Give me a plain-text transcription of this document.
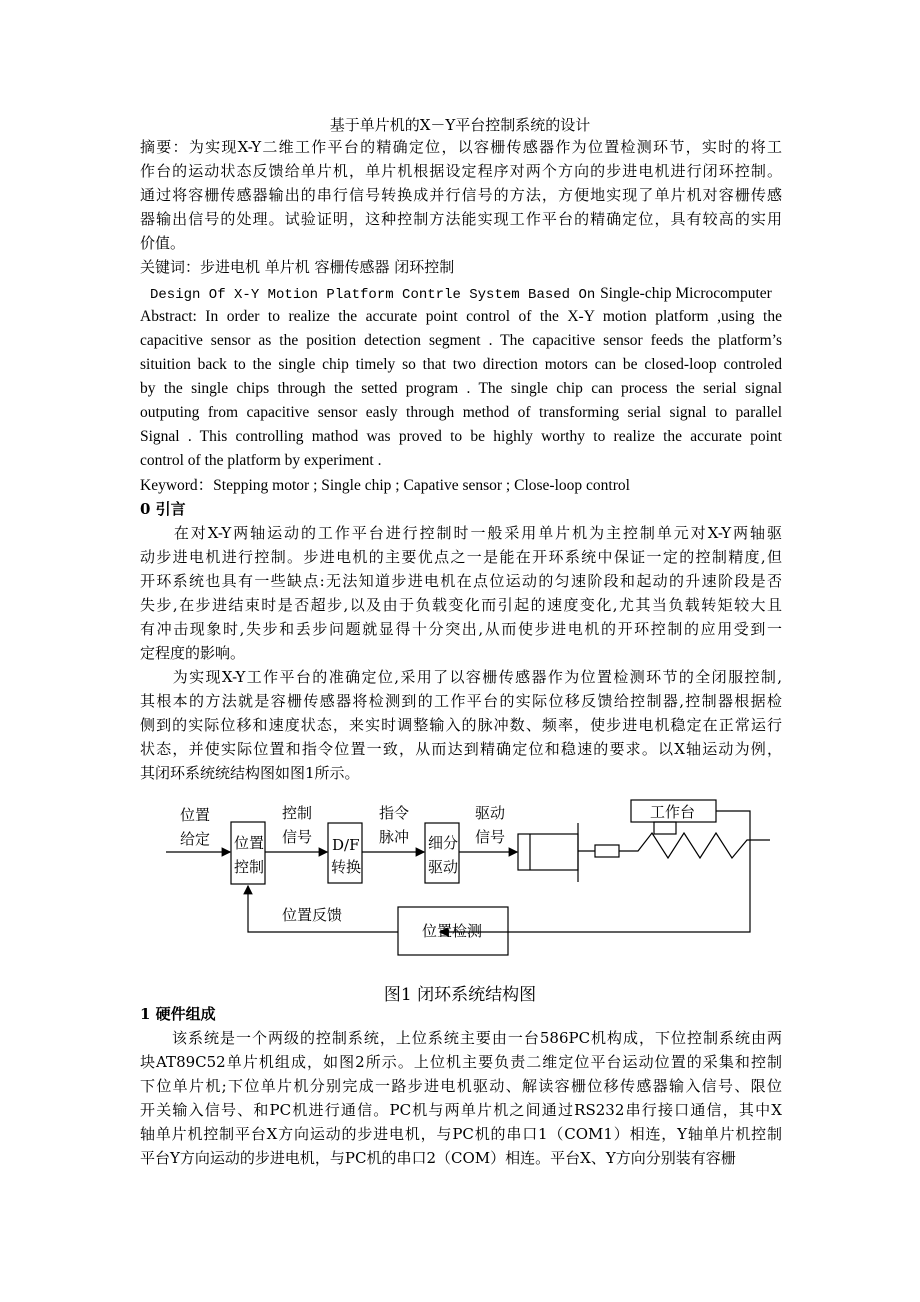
基于单片机的X－Y平台控制系统的设计
摘要：为实现X-Y二维工作平台的精确定位，以容栅传感器作为位置检测环节，实时的将工
作台的运动状态反馈给单片机，单片机根据设定程序对两个方向的步进电机进行闭环控制。
通过将容栅传感器输出的串行信号转换成并行信号的方法，方便地实现了单片机对容栅传感
器输出信号的处理。试验证明，这种控制方法能实现工作平台的精确定位，具有较高的实用
价值。
关键词：步进电机 单片机 容栅传感器 闭环控制
Design Of X-Y Motion Platform Contrle System Based On Single-chip Microcomputer
Abstract: In order to realize the accurate point control of the X-Y motion platform ,using the
capacitive sensor as the position detection segment . The capacitive sensor feeds the platform’s
situition back to the single chip timely so that two direction motors can be closed-loop controled
by the single chips through the setted program . The single chip can process the serial signal
outputing from capacitive sensor easly through method of transforming serial signal to parallel
Signal . This controlling mathod was proved to be highly worthy to realize the accurate point
control of the platform by experiment .
Keyword：Stepping motor ; Single chip ; Capative sensor ; Close-loop control
0 引言
　　在对X-Y两轴运动的工作平台进行控制时一般采用单片机为主控制单元对X-Y两轴驱
动步进电机进行控制。步进电机的主要优点之一是能在开环系统中保证一定的控制精度,但
开环系统也具有一些缺点:无法知道步进电机在点位运动的匀速阶段和起动的升速阶段是否
失步,在步进结束时是否超步,以及由于负载变化而引起的速度变化,尤其当负载转矩较大且
有冲击现象时,失步和丢步问题就显得十分突出,从而使步进电机的开环控制的应用受到一
定程度的影响。
　　为实现X-Y工作平台的准确定位,采用了以容栅传感器作为位置检测环节的全闭服控制,
其根本的方法就是容栅传感器将检测到的工作平台的实际位移反馈给控制器,控制器根据检
侧到的实际位移和速度状态，来实时调整输入的脉冲数、频率，使步进电机稳定在正常运行
状态，并使实际位置和指令位置一致，从而达到精确定位和稳速的要求。以X轴运动为例，
其闭环系统统结构图如图1所示。
位置
给定 位置
控制
控制
信号 D/F
转换
指令
脉冲 细分
驱动
驱动
信号
工作台
位置反馈
位置检测
图1 闭环系统结构图
1 硬件组成
　　该系统是一个两级的控制系统，上位系统主要由一台586PC机构成，下位控制系统由两
块AT89C52单片机组成，如图2所示。上位机主要负责二维定位平台运动位置的采集和控制
下位单片机;下位单片机分别完成一路步进电机驱动、解读容栅位移传感器输入信号、限位
开关输入信号、和PC机进行通信。PC机与两单片机之间通过RS232串行接口通信，其中X
轴单片机控制平台X方向运动的步进电机，与PC机的串口1（COM1）相连，Y轴单片机控制
平台Y方向运动的步进电机，与PC机的串口2（COM）相连。平台X、Y方向分别装有容栅
